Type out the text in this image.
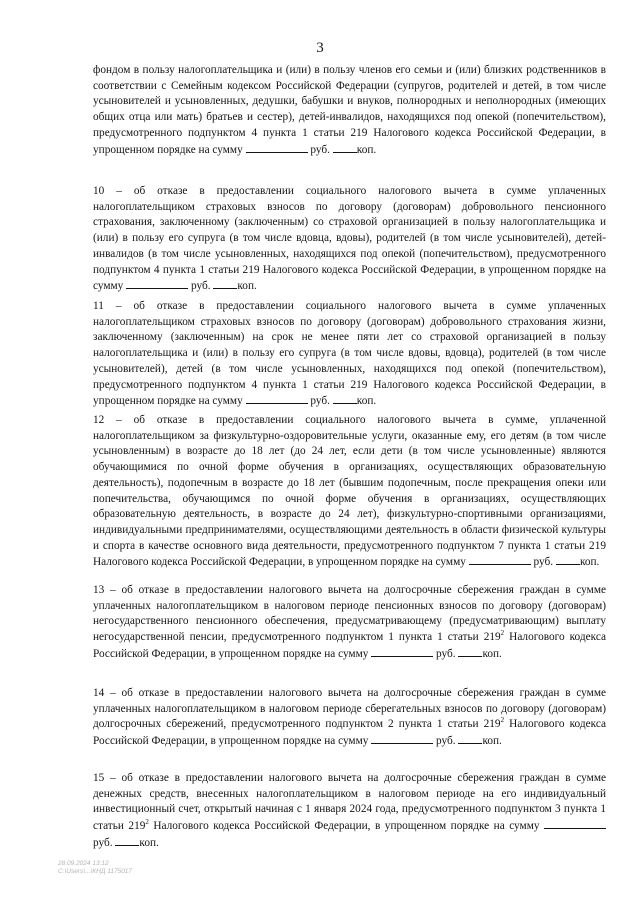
3

фондом в пользу налогоплательщика и (или) в пользу членов его семьи и (или) близких родственников в соответствии с Семейным кодексом Российской Федерации (супругов, родителей и детей, в том числе усыновителей и усыновленных, дедушки, бабушки и внуков, полнородных и неполнородных (имеющих общих отца или мать) братьев и сестер), детей-инвалидов, находящихся под опекой (попечительством), предусмотренного подпунктом 4 пункта 1 статьи 219 Налогового кодекса Российской Федерации, в упрощенном порядке на сумму	руб. коп.

10 – об отказе в предоставлении социального налогового вычета в сумме уплаченных налогоплательщиком страховых взносов по договору (договорам) добровольного пенсионного страхования, заключенному (заключенным) со страховой организацией в пользу налогоплательщика и (или) в пользу его супруга (в том числе вдовца, вдовы), родителей (в том числе усыновителей), детей-инвалидов (в том числе усыновленных, находящихся под опекой (попечительством), предусмотренного подпунктом 4 пункта 1 статьи 219 Налогового кодекса Российской Федерации, в упрощенном порядке на сумму	руб. коп.

11 – об отказе в предоставлении социального налогового вычета в сумме уплаченных налогоплательщиком страховых взносов по договору (договорам) добровольного страхования жизни, заключенному (заключенным) на срок не менее пяти лет со страховой организацией в пользу налогоплательщика и (или) в пользу его супруга (в том числе вдовы, вдовца), родителей (в том числе усыновителей), детей (в том числе усыновленных, находящихся под опекой (попечительством), предусмотренного подпунктом 4 пункта 1 статьи 219 Налогового кодекса Российской Федерации, в упрощенном порядке на сумму	руб. коп.

12 – об отказе в предоставлении социального налогового вычета в сумме, уплаченной налогоплательщиком за физкультурно-оздоровительные услуги, оказанные ему, его детям (в том числе усыновленным) в возрасте до 18 лет (до 24 лет, если дети (в том числе усыновленные) являются обучающимися по очной форме обучения в организациях, осуществляющих образовательную деятельность), подопечным в возрасте до 18 лет (бывшим подопечным, после прекращения опеки или попечительства, обучающимся по очной форме обучения в организациях, осуществляющих образовательную деятельность, в возрасте до 24 лет), физкультурно-спортивными организациями, индивидуальными предпринимателями, осуществляющими деятельность в области физической культуры и спорта в качестве основного вида деятельности, предусмотренного подпунктом 7 пункта 1 статьи 219 Налогового кодекса Российской Федерации, в упрощенном порядке на сумму	руб. коп.

13 – об отказе в предоставлении налогового вычета на долгосрочные сбережения граждан в сумме уплаченных налогоплательщиком в налоговом периоде пенсионных взносов по договору (договорам) негосударственного пенсионного обеспечения, предусматривающему (предусматривающим) выплату негосударственной пенсии, предусмотренного подпунктом 1 пункта 1 статьи $219^2$ Налогового кодекса Российской Федерации, в упрощенном порядке на сумму	руб. коп.

14 – об отказе в предоставлении налогового вычета на долгосрочные сбережения граждан в сумме уплаченных налогоплательщиком в налоговом периоде сберегательных взносов по договору (договорам) долгосрочных сбережений, предусмотренного подпунктом 2 пункта 1 статьи $219^2$ Налогового кодекса Российской Федерации, в упрощенном порядке на сумму	руб. коп.

15 – об отказе в предоставлении налогового вычета на долгосрочные сбережения граждан в сумме денежных средств, внесенных налогоплательщиком в налоговом периоде на его индивидуальный инвестиционный счет, открытый начиная с 1 января 2024 года, предусмотренного подпунктом 3 пункта 1 статьи $219^2$ Налогового кодекса Российской Федерации, в упрощенном порядке на сумму  руб. коп.

28.09.2024 13:12
С:\Users\...\КНД 1175017
